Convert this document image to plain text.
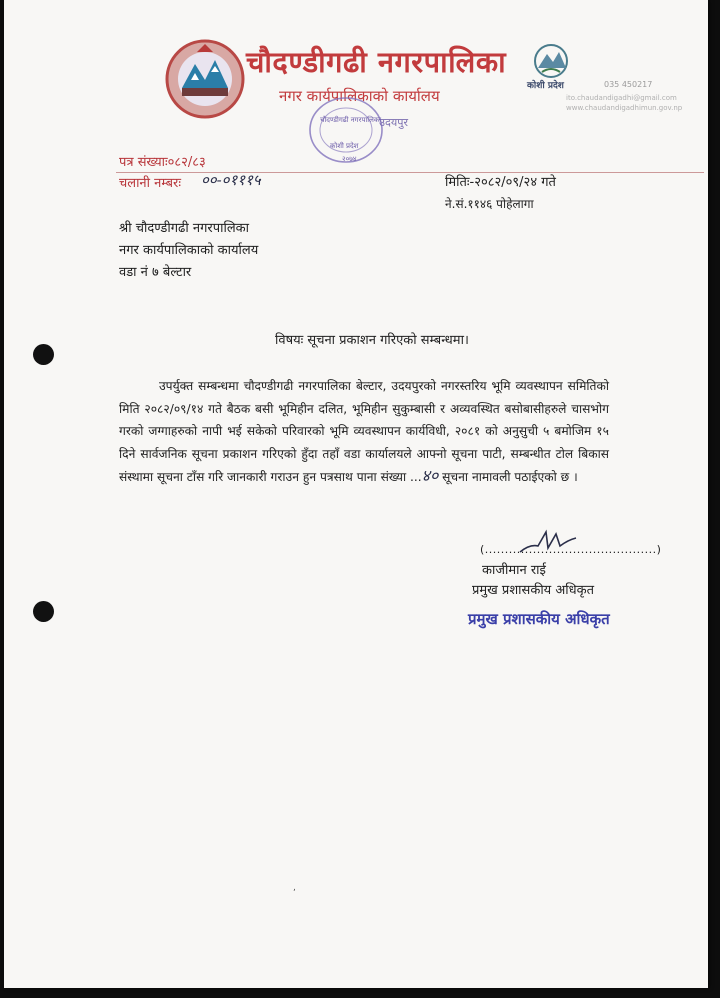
कोशी प्रदेश

चौदण्डीगढी नगरपालिका

नगर कार्यपालिकाको कार्यालय

उदयपुर

035 450217

ito.chaudandigadhi@gmail.com

www.chaudandigadhimun.gov.np

चौदण्डीगढी नगरपालिका
कोशी प्रदेश
२०७४

पत्र संख्याः०८२/८३

चलानी नम्बरः ००-०१११५	मितिः-२०८२/०९/२४ गते

ने.सं.११४६ पोहेलागा

श्री चौदण्डीगढी नगरपालिका

नगर कार्यपालिकाको कार्यालय

वडा नं ७ बेल्टार

विषयः सूचना प्रकाशन गरिएको सम्बन्धमा।

उपर्युक्त सम्बन्धमा चौदण्डीगढी नगरपालिका बेल्टार, उदयपुरको नगरस्तरिय भूमि व्यवस्थापन समितिको मिति २०८२/०९/१४ गते बैठक बसी भूमिहीन दलित, भूमिहीन सुकुम्बासी र अव्यवस्थित बसोबासीहरुले चासभोग गरको जग्गाहरुको नापी भई सकेको परिवारको भूमि व्यवस्थापन कार्यविधी, २०८१ को अनुसुची ५ बमोजिम १५ दिने सार्वजनिक सूचना प्रकाशन गरिएको हुँदा तहाँ वडा कार्यालयले आफ्नो सूचना पाटी, सम्बन्धीत टोल बिकास संस्थामा सूचना टाँस गरि जानकारी गराउन हुन पत्रसाथ पाना संख्या ...४० सूचना नामावली पठाईएको छ ।

(...........................................)

काजीमान राई

प्रमुख प्रशासकीय अधिकृत

प्रमुख प्रशासकीय अधिकृत

,
